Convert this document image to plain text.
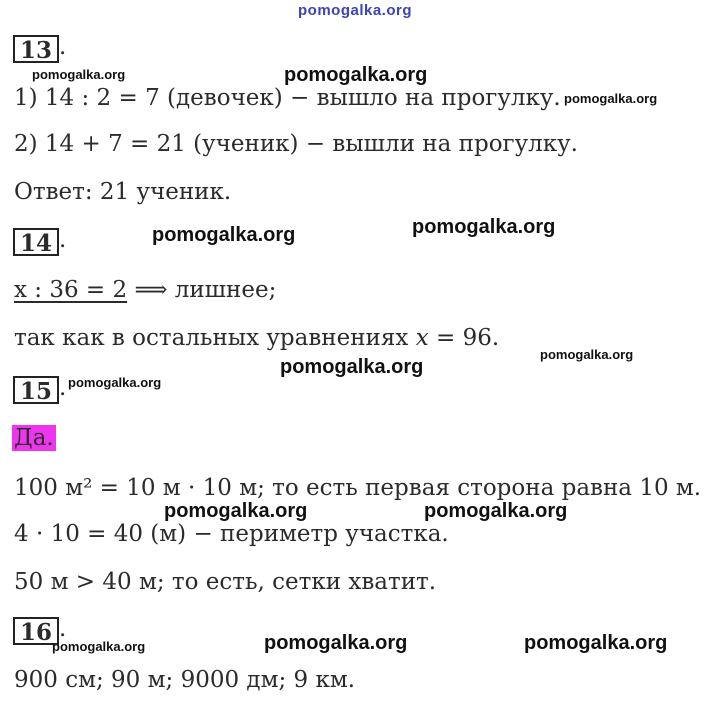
pomogalka.org
pomogalka.org	pomogalka.org
pomogalka.org
pomogalka.org	pomogalka.org
pomogalka.org
pomogalka.org
pomogalka.org
pomogalka.org	pomogalka.org
pomogalka.org	pomogalka.org	pomogalka.org
13 .
1) 14 : 2 = 7 (девочек) − вышло на прогулку.
2) 14 + 7 = 21 (ученик) − вышли на прогулку.
Ответ: 21 ученик.
14 .
x : 36 = 2 ⟹ лишнее;
так как в остальных уравнениях x = 96.
15 .
Да.
100 м² = 10 м · 10 м; то есть первая сторона равна 10 м.
4 · 10 = 40 (м) − периметр участка.
50 м > 40 м; то есть, сетки хватит.
16 .
900 см; 90 м; 9000 дм; 9 км.
